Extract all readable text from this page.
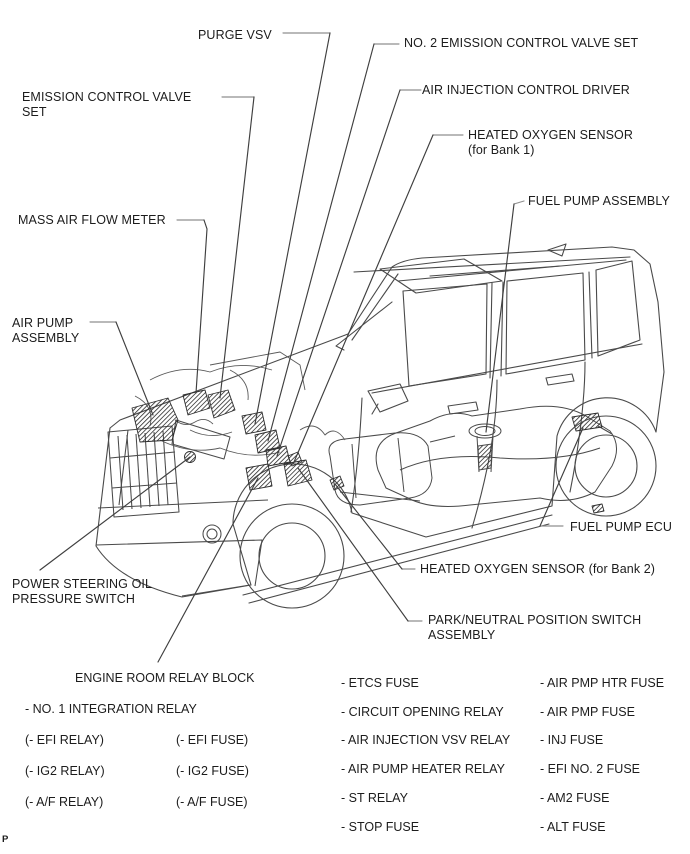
PURGE VSV
NO. 2 EMISSION CONTROL VALVE SET
EMISSION CONTROL VALVE SET
AIR INJECTION CONTROL DRIVER
HEATED OXYGEN SENSOR (for Bank 1)
MASS AIR FLOW METER
FUEL PUMP ASSEMBLY
AIR PUMP ASSEMBLY
FUEL PUMP ECU
POWER STEERING OIL PRESSURE SWITCH
HEATED OXYGEN SENSOR (for Bank 2)
PARK/NEUTRAL POSITION SWITCH ASSEMBLY
ENGINE ROOM RELAY BLOCK
- NO. 1 INTEGRATION RELAY
(- EFI RELAY)	(- EFI FUSE)
(- IG2 RELAY)	(- IG2 FUSE)
(- A/F RELAY)	(- A/F FUSE)
- ETCS FUSE
- CIRCUIT OPENING RELAY
- AIR INJECTION VSV RELAY
- AIR PUMP HEATER RELAY
- ST RELAY
- STOP FUSE
- AIR PMP HTR FUSE
- AIR PMP FUSE
- INJ FUSE
- EFI NO. 2 FUSE
- AM2 FUSE
- ALT FUSE
P
